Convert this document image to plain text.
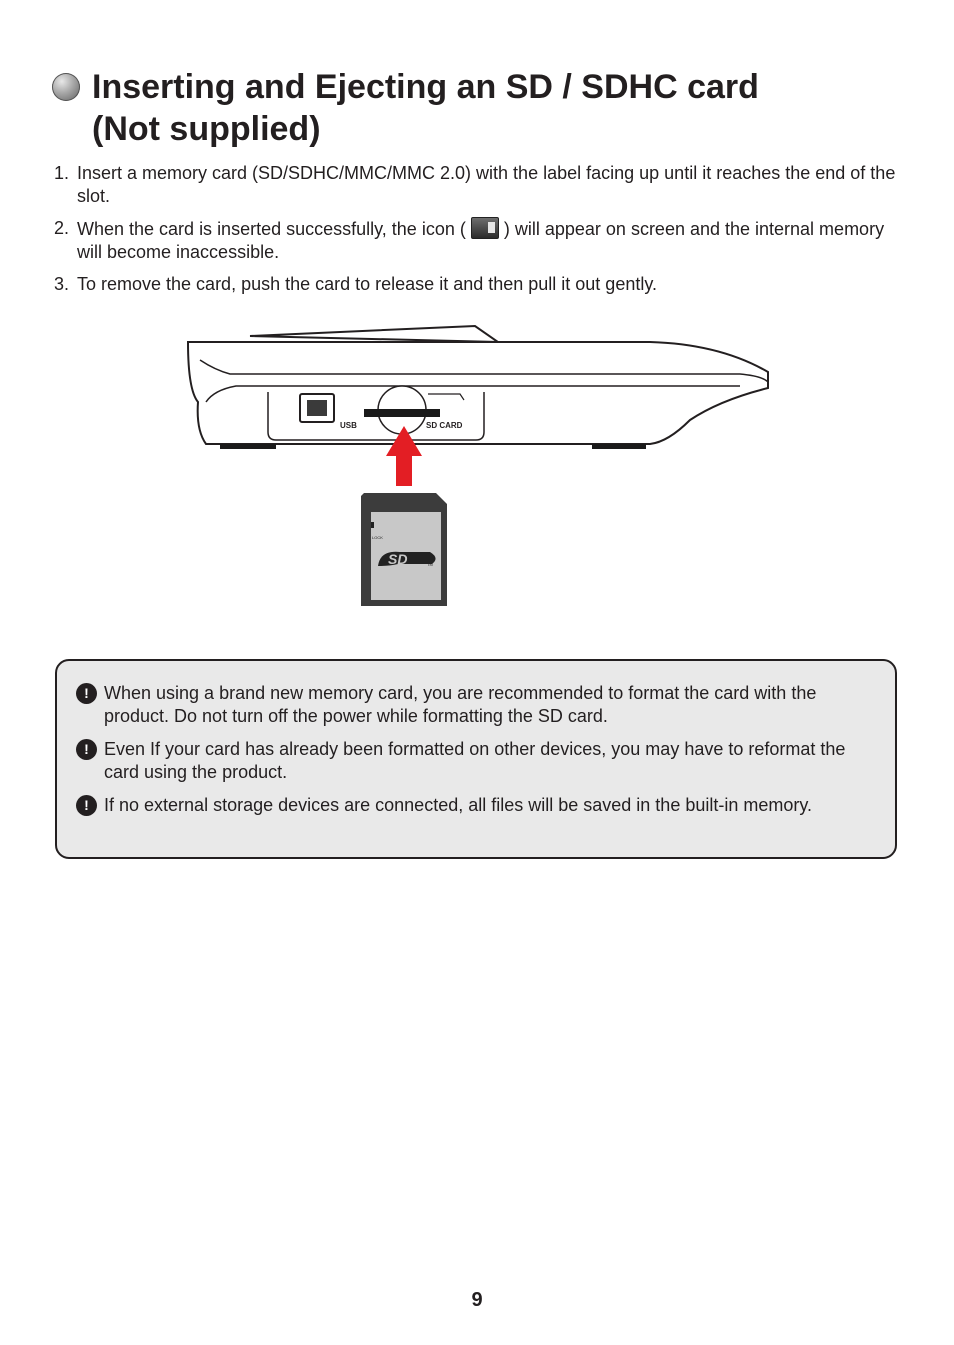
Inserting and Ejecting an SD / SDHC card
(Not supplied)
1. Insert a memory card (SD/SDHC/MMC/MMC 2.0) with the label facing up until it reaches the end of the slot.
2. When the card is inserted successfully, the icon ( ) will appear on screen and the internal memory will become inaccessible.
3. To remove the card, push the card to release it and then pull it out gently.
USB	SD CARD
SD
LOCK
TM
! When using a brand new memory card, you are recommended to format the card with the product. Do not turn off the power while formatting the SD card.
! Even If your card has already been formatted on other devices, you may have to reformat the card using the product.
! If no external storage devices are connected, all files will be saved in the built-in memory.
9
